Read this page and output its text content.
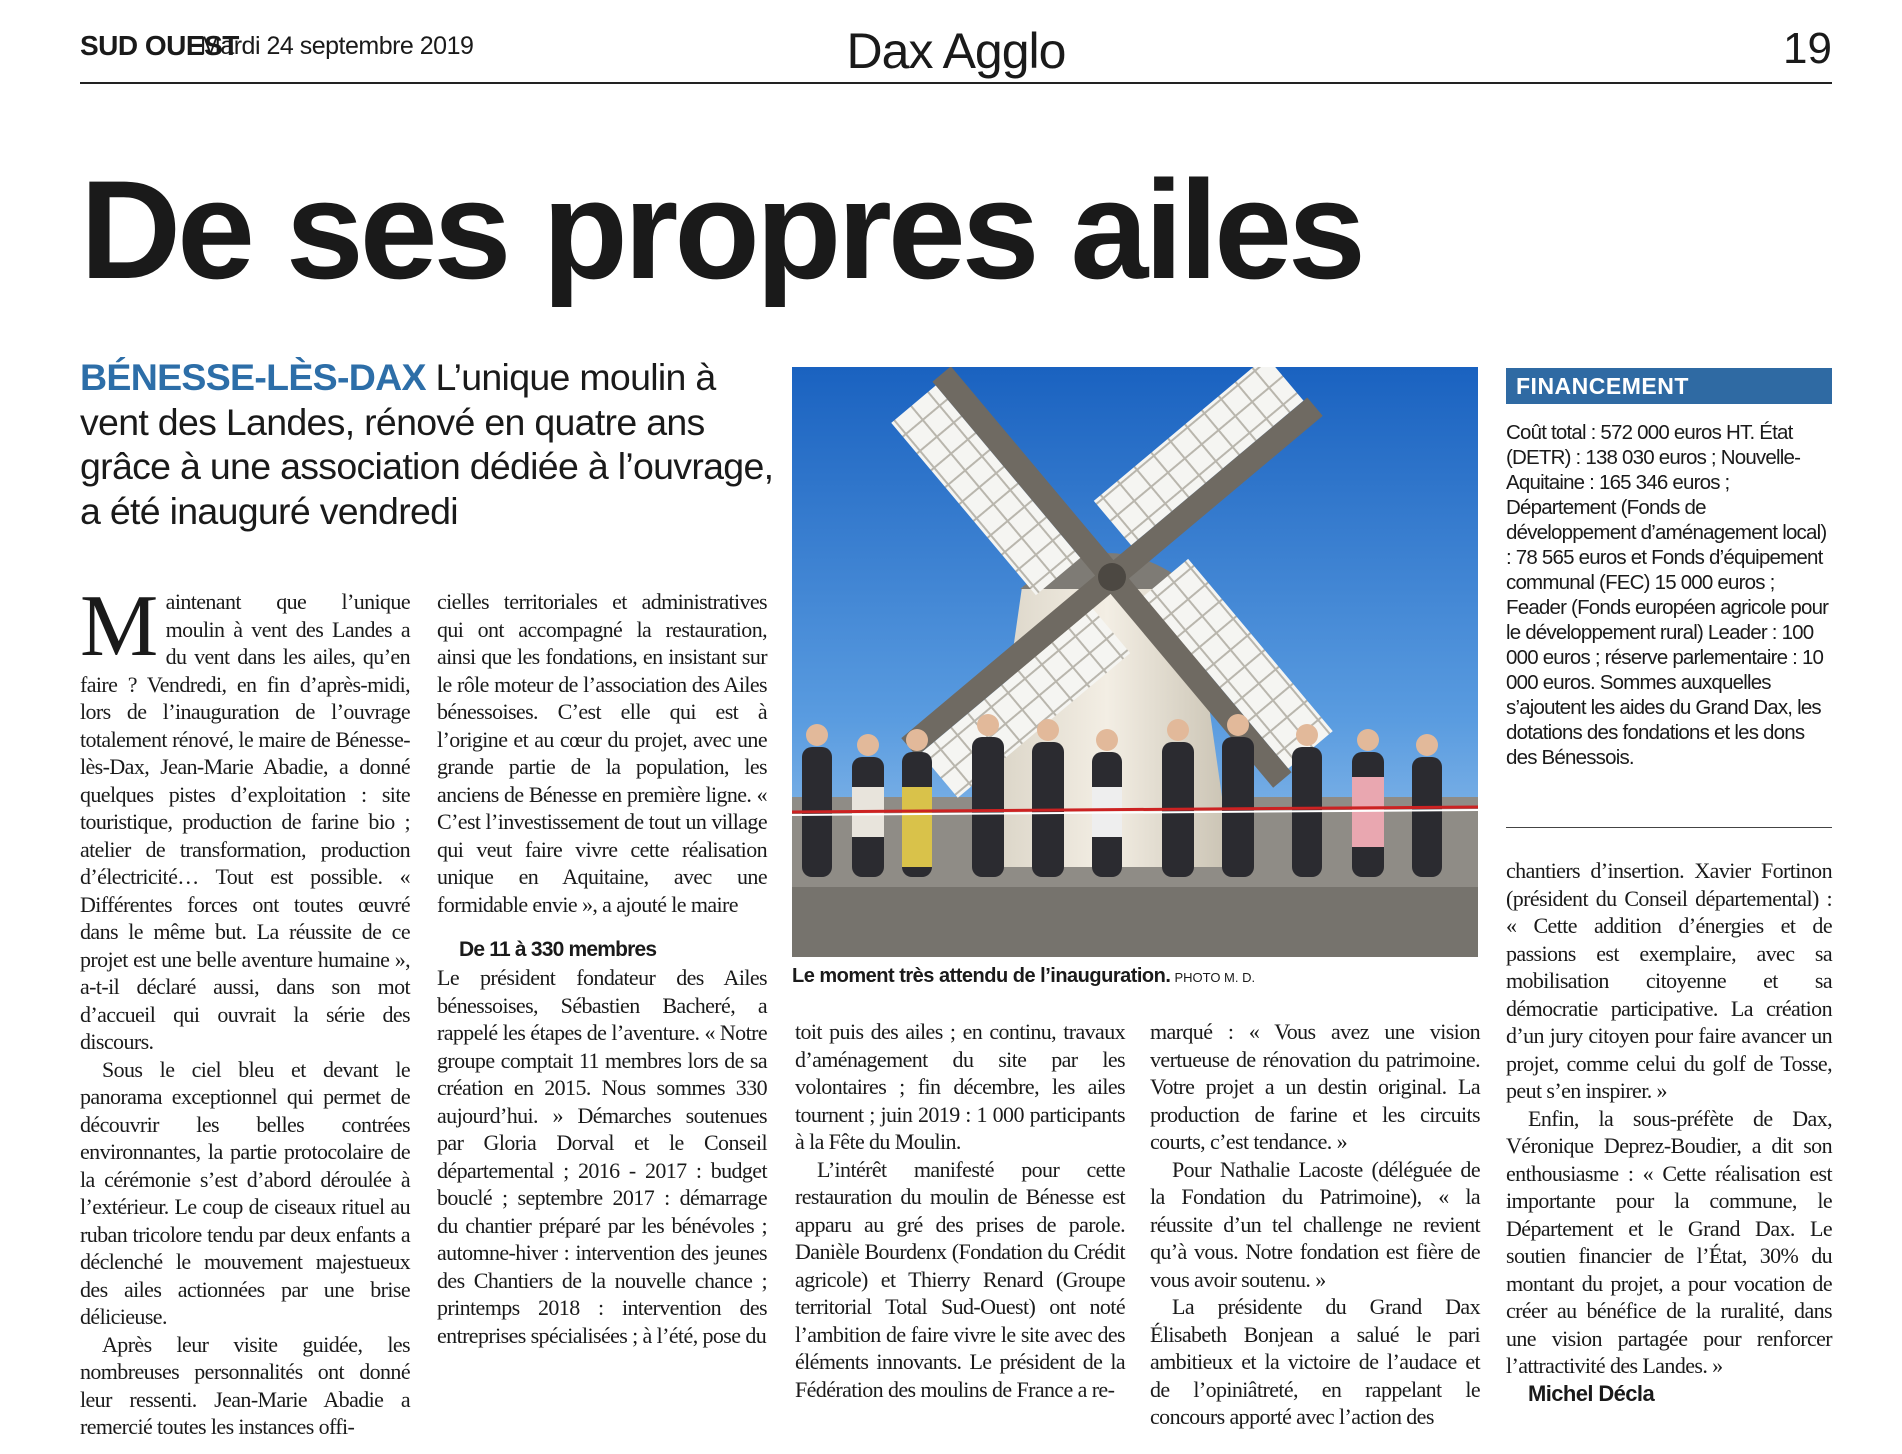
SUD OUEST
Mardi 24 septembre 2019	Dax Agglo	19
De ses propres ailes
BÉNESSE-LÈS-DAX L’unique moulin à vent des Landes, rénové en quatre ans grâce à une association dédiée à l’ouvrage, a été inauguré vendredi

Maintenant que l’unique moulin à vent des Landes a du vent dans les ailes, qu’en faire ? Vendredi, en fin d’après-midi, lors de l’inauguration de l’ouvrage totalement rénové, le maire de Bénesse-lès-Dax, Jean-Marie Abadie, a donné quelques pistes d’exploitation : site touristique, production de farine bio ; atelier de transformation, production d’électricité… Tout est possible. « Différentes forces ont toutes œuvré dans le même but. La réussite de ce projet est une belle aventure humaine », a-t-il déclaré aussi, dans son mot d’accueil qui ouvrait la série des discours.

Sous le ciel bleu et devant le panorama exceptionnel qui permet de découvrir les belles contrées environnantes, la partie protocolaire de la cérémonie s’est d’abord déroulée à l’extérieur. Le coup de ciseaux rituel au ruban tricolore tendu par deux enfants a déclenché le mouvement majestueux des ailes actionnées par une brise délicieuse.

Après leur visite guidée, les nombreuses personnalités ont donné leur ressenti. Jean-Marie Abadie a remercié toutes les instances offi-

cielles territoriales et administratives qui ont accompagné la restauration, ainsi que les fondations, en insistant sur le rôle moteur de l’association des Ailes bénessoises. C’est elle qui est à l’origine et au cœur du projet, avec une grande partie de la population, les anciens de Bénesse en première ligne. « C’est l’investissement de tout un village qui veut faire vivre cette réalisation unique en Aquitaine, avec une formidable envie », a ajouté le maire

De 11 à 330 membres

Le président fondateur des Ailes bénessoises, Sébastien Bacheré, a rappelé les étapes de l’aventure. « Notre groupe comptait 11 membres lors de sa création en 2015. Nous sommes 330 aujourd’hui. » Démarches soutenues par Gloria Dorval et le Conseil départemental ; 2016 - 2017 : budget bouclé ; septembre 2017 : démarrage du chantier préparé par les bénévoles ; automne-hiver : intervention des jeunes des Chantiers de la nouvelle chance ; printemps 2018 : intervention des entreprises spécialisées ; à l’été, pose du

Le moment très attendu de l’inauguration. PHOTO M. D.

toit puis des ailes ; en continu, travaux d’aménagement du site par les volontaires ; fin décembre, les ailes tournent ; juin 2019 : 1 000 participants à la Fête du Moulin.

L’intérêt manifesté pour cette restauration du moulin de Bénesse est apparu au gré des prises de parole. Danièle Bourdenx (Fondation du Crédit agricole) et Thierry Renard (Groupe territorial Total Sud-Ouest) ont noté l’ambition de faire vivre le site avec des éléments innovants. Le président de la Fédération des moulins de France a re-

marqué : « Vous avez une vision vertueuse de rénovation du patrimoine. Votre projet a un destin original. La production de farine et les circuits courts, c’est tendance. »

Pour Nathalie Lacoste (déléguée de la Fondation du Patrimoine), « la réussite d’un tel challenge ne revient qu’à vous. Notre fondation est fière de vous avoir soutenu. »

La présidente du Grand Dax Élisabeth Bonjean a salué le pari ambitieux et la victoire de l’audace et de l’opiniâtreté, en rappelant le concours apporté avec l’action des

FINANCEMENT
Coût total : 572 000 euros HT. État (DETR) : 138 030 euros ; Nouvelle-Aquitaine : 165 346 euros ; Département (Fonds de développement d’aménagement local) : 78 565 euros et Fonds d’équipement communal (FEC) 15 000 euros ; Feader (Fonds européen agricole pour le développement rural) Leader : 100 000 euros ; réserve parlementaire : 10 000 euros. Sommes auxquelles s’ajoutent les aides du Grand Dax, les dotations des fondations et les dons des Bénessois.

chantiers d’insertion. Xavier Fortinon (président du Conseil départemental) : « Cette addition d’énergies et de passions est exemplaire, avec sa mobilisation citoyenne et sa démocratie participative. La création d’un jury citoyen pour faire avancer un projet, comme celui du golf de Tosse, peut s’en inspirer. »

Enfin, la sous-préfète de Dax, Véronique Deprez-Boudier, a dit son enthousiasme : « Cette réalisation est importante pour la commune, le Département et le Grand Dax. Le soutien financier de l’État, 30% du montant du projet, a pour vocation de créer au bénéfice de la ruralité, dans une vision partagée pour renforcer l’attractivité des Landes. »

Michel Décla
